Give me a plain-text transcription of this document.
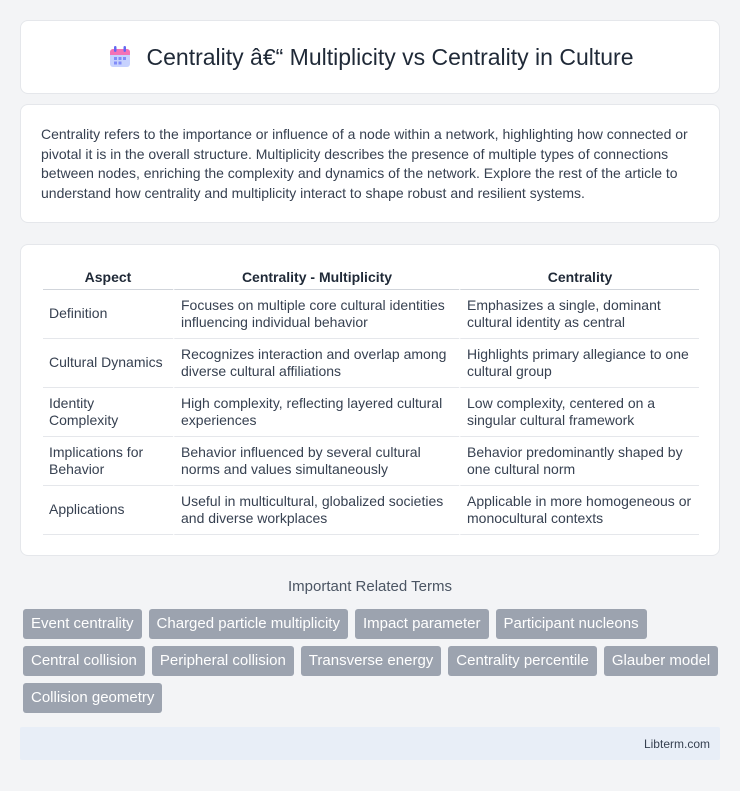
Centrality â€“ Multiplicity vs Centrality in Culture

Centrality refers to the importance or influence of a node within a network, highlighting how connected or pivotal it is in the overall structure. Multiplicity describes the presence of multiple types of connections between nodes, enriching the complexity and dynamics of the network. Explore the rest of the article to understand how centrality and multiplicity interact to shape robust and resilient systems.

Aspect	Centrality - Multiplicity	Centrality
Definition	Focuses on multiple core cultural identities influencing individual behavior	Emphasizes a single, dominant cultural identity as central
Cultural Dynamics	Recognizes interaction and overlap among diverse cultural affiliations	Highlights primary allegiance to one cultural group
Identity Complexity	High complexity, reflecting layered cultural experiences	Low complexity, centered on a singular cultural framework
Implications for Behavior	Behavior influenced by several cultural norms and values simultaneously	Behavior predominantly shaped by one cultural norm
Applications	Useful in multicultural, globalized societies and diverse workplaces	Applicable in more homogeneous or monocultural contexts
Important Related Terms
Event centrality	Charged particle multiplicity	Impact parameter	Participant nucleons
Central collision	Peripheral collision	Transverse energy	Centrality percentile	Glauber model
Collision geometry
Libterm.com
